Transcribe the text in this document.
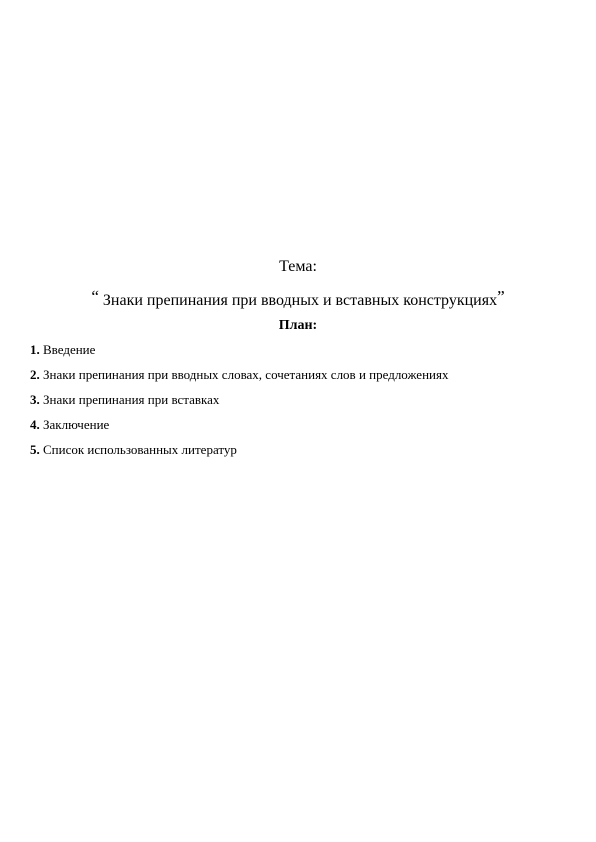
Тема:

“ Знаки препинания при вводных и вставных конструкциях”

План:

1. Введение
2. Знаки препинания при вводных словах, сочетаниях слов и предложениях
3. Знаки препинания при вставках
4. Заключение
5. Список использованных литератур
